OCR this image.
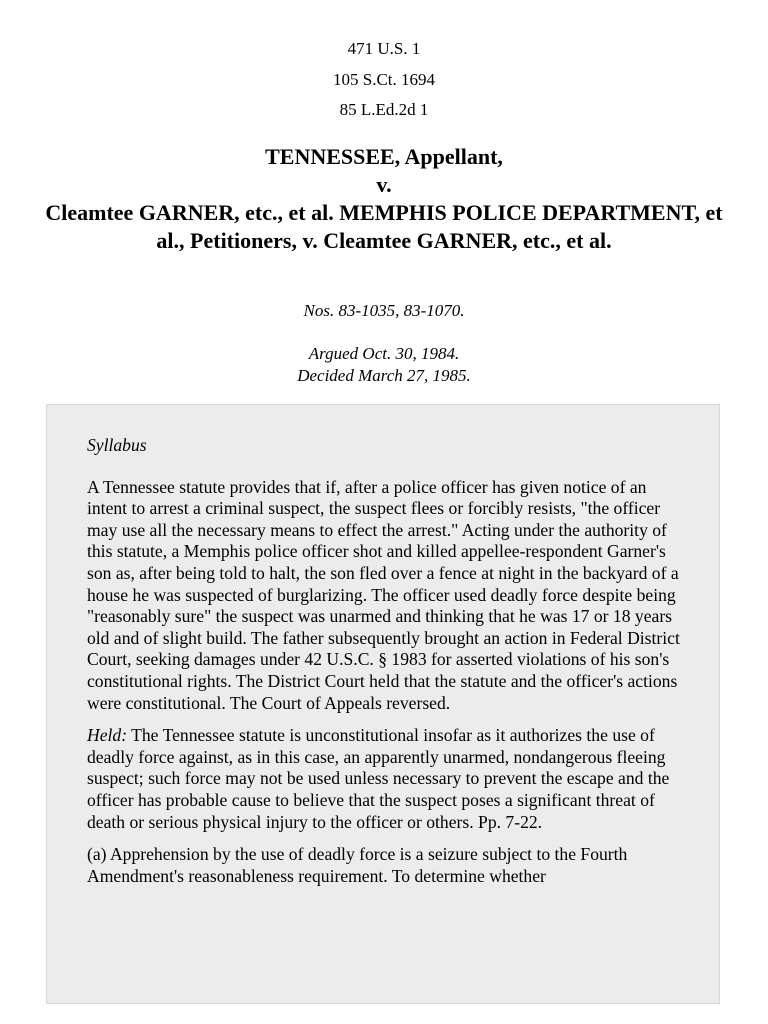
471 U.S. 1
105 S.Ct. 1694
85 L.Ed.2d 1
TENNESSEE, Appellant,
v.
Cleamtee GARNER, etc., et al. MEMPHIS POLICE DEPARTMENT, et al., Petitioners, v. Cleamtee GARNER, etc., et al.
Nos. 83-1035, 83-1070.
Argued Oct. 30, 1984.
Decided March 27, 1985.

Syllabus

A Tennessee statute provides that if, after a police officer has given notice of an intent to arrest a criminal suspect, the suspect flees or forcibly resists, "the officer may use all the necessary means to effect the arrest." Acting under the authority of this statute, a Memphis police officer shot and killed appellee-respondent Garner's son as, after being told to halt, the son fled over a fence at night in the backyard of a house he was suspected of burglarizing. The officer used deadly force despite being "reasonably sure" the suspect was unarmed and thinking that he was 17 or 18 years old and of slight build. The father subsequently brought an action in Federal District Court, seeking damages under 42 U.S.C. § 1983 for asserted violations of his son's constitutional rights. The District Court held that the statute and the officer's actions were constitutional. The Court of Appeals reversed.

Held: The Tennessee statute is unconstitutional insofar as it authorizes the use of deadly force against, as in this case, an apparently unarmed, nondangerous fleeing suspect; such force may not be used unless necessary to prevent the escape and the officer has probable cause to believe that the suspect poses a significant threat of death or serious physical injury to the officer or others. Pp. 7-22.

(a) Apprehension by the use of deadly force is a seizure subject to the Fourth Amendment's reasonableness requirement. To determine whether
